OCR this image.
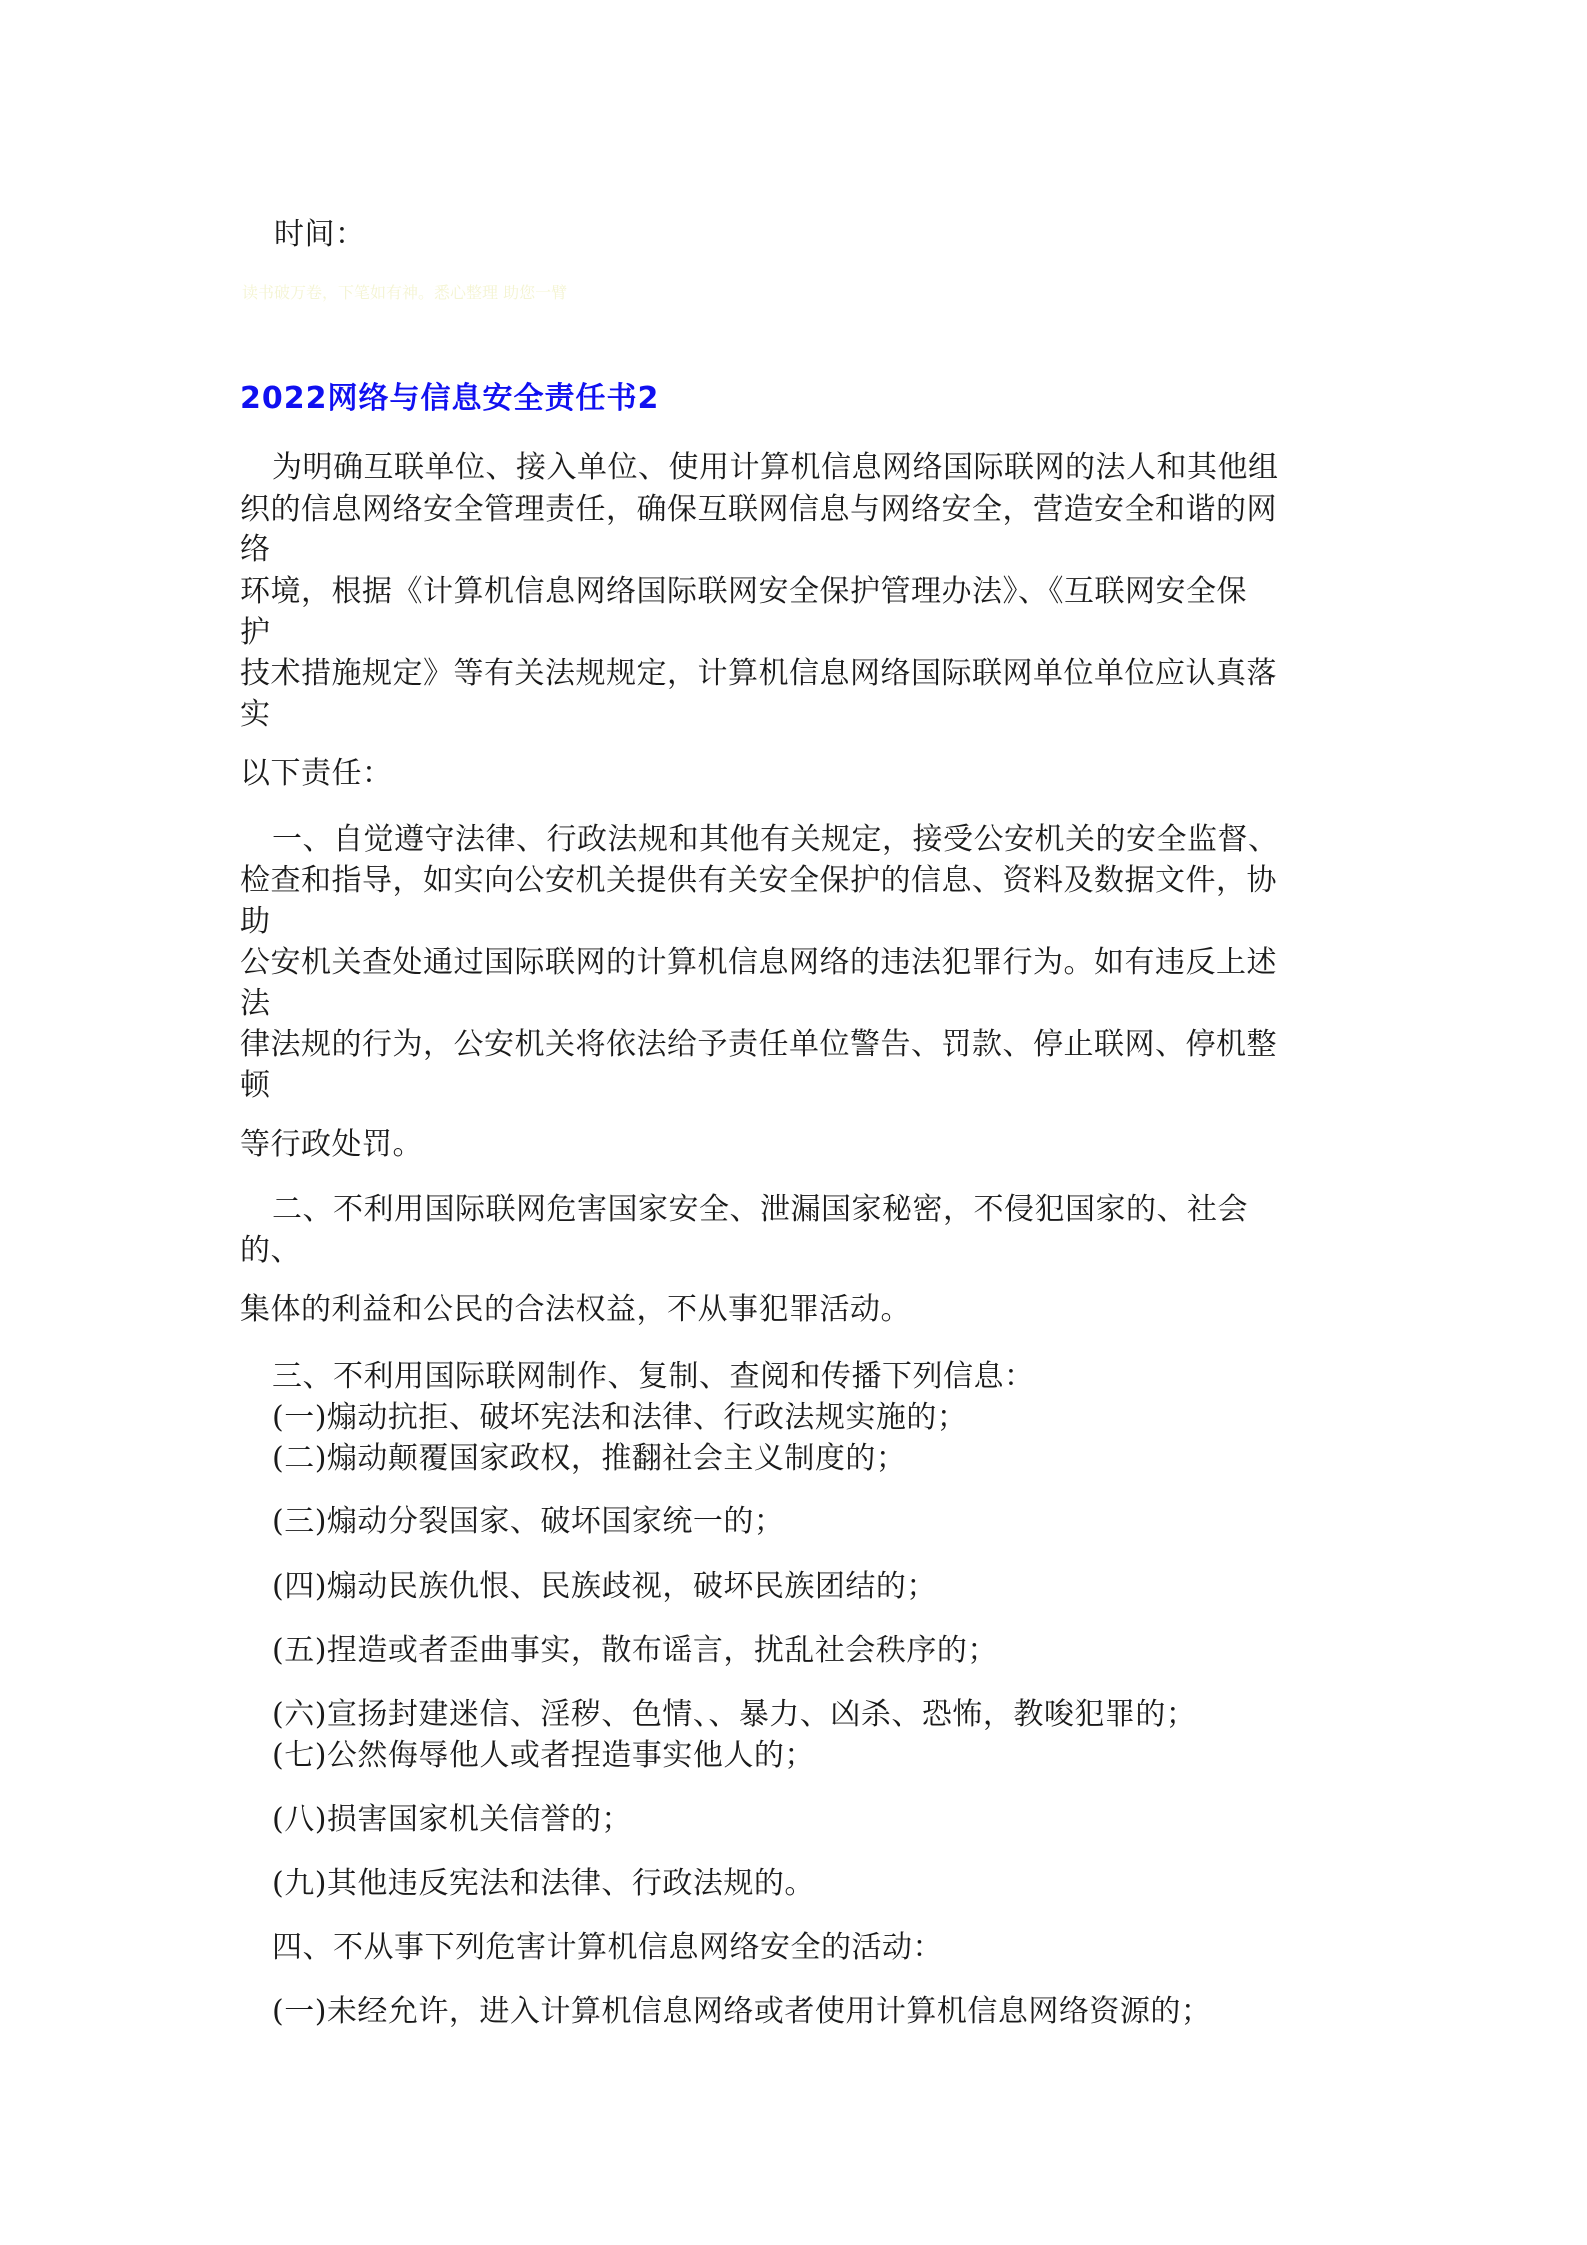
时间：
读书破万卷，下笔如有神。悉心整理 助您一臂
2022网络与信息安全责任书2
为明确互联单位、接入单位、使用计算机信息网络国际联网的法人和其他组
织的信息网络安全管理责任，确保互联网信息与网络安全，营造安全和谐的网
络
环境，根据《计算机信息网络国际联网安全保护管理办法》、《互联网安全保
护
技术措施规定》等有关法规规定，计算机信息网络国际联网单位单位应认真落
实
以下责任：
一、自觉遵守法律、行政法规和其他有关规定，接受公安机关的安全监督、
检查和指导，如实向公安机关提供有关安全保护的信息、资料及数据文件，协
助
公安机关查处通过国际联网的计算机信息网络的违法犯罪行为。如有违反上述
法
律法规的行为，公安机关将依法给予责任单位警告、罚款、停止联网、停机整
顿
等行政处罚。
二、不利用国际联网危害国家安全、泄漏国家秘密，不侵犯国家的、社会
的、
集体的利益和公民的合法权益，不从事犯罪活动。
三、不利用国际联网制作、复制、查阅和传播下列信息：
(一)煽动抗拒、破坏宪法和法律、行政法规实施的；
(二)煽动颠覆国家政权，推翻社会主义制度的；
(三)煽动分裂国家、破坏国家统一的；
(四)煽动民族仇恨、民族歧视，破坏民族团结的；
(五)捏造或者歪曲事实，散布谣言，扰乱社会秩序的；
(六)宣扬封建迷信、淫秽、色情、、暴力、凶杀、恐怖，教唆犯罪的；
(七)公然侮辱他人或者捏造事实他人的；
(八)损害国家机关信誉的；
(九)其他违反宪法和法律、行政法规的。
四、不从事下列危害计算机信息网络安全的活动：
(一)未经允许，进入计算机信息网络或者使用计算机信息网络资源的；
